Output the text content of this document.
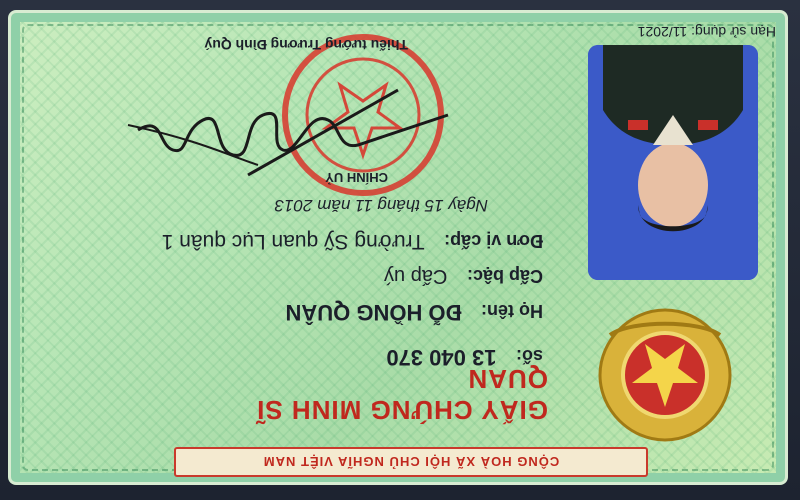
CỘNG HOÀ XÃ HỘI CHỦ NGHĨA VIỆT NAM
GIẤY CHỨNG MINH SĨ QUAN
số: 13 040 370
Họ tên: ĐỖ HỒNG QUÂN
Cấp bậc: Cấp uý
Đơn vị cấp: Trường Sỹ quan Lục quân 1
Ngày 15 tháng 11 năm 2013
CHÍNH UỶ
Thiếu tướng Trương Đình Quý
Hạn sử dụng: 11/2021
